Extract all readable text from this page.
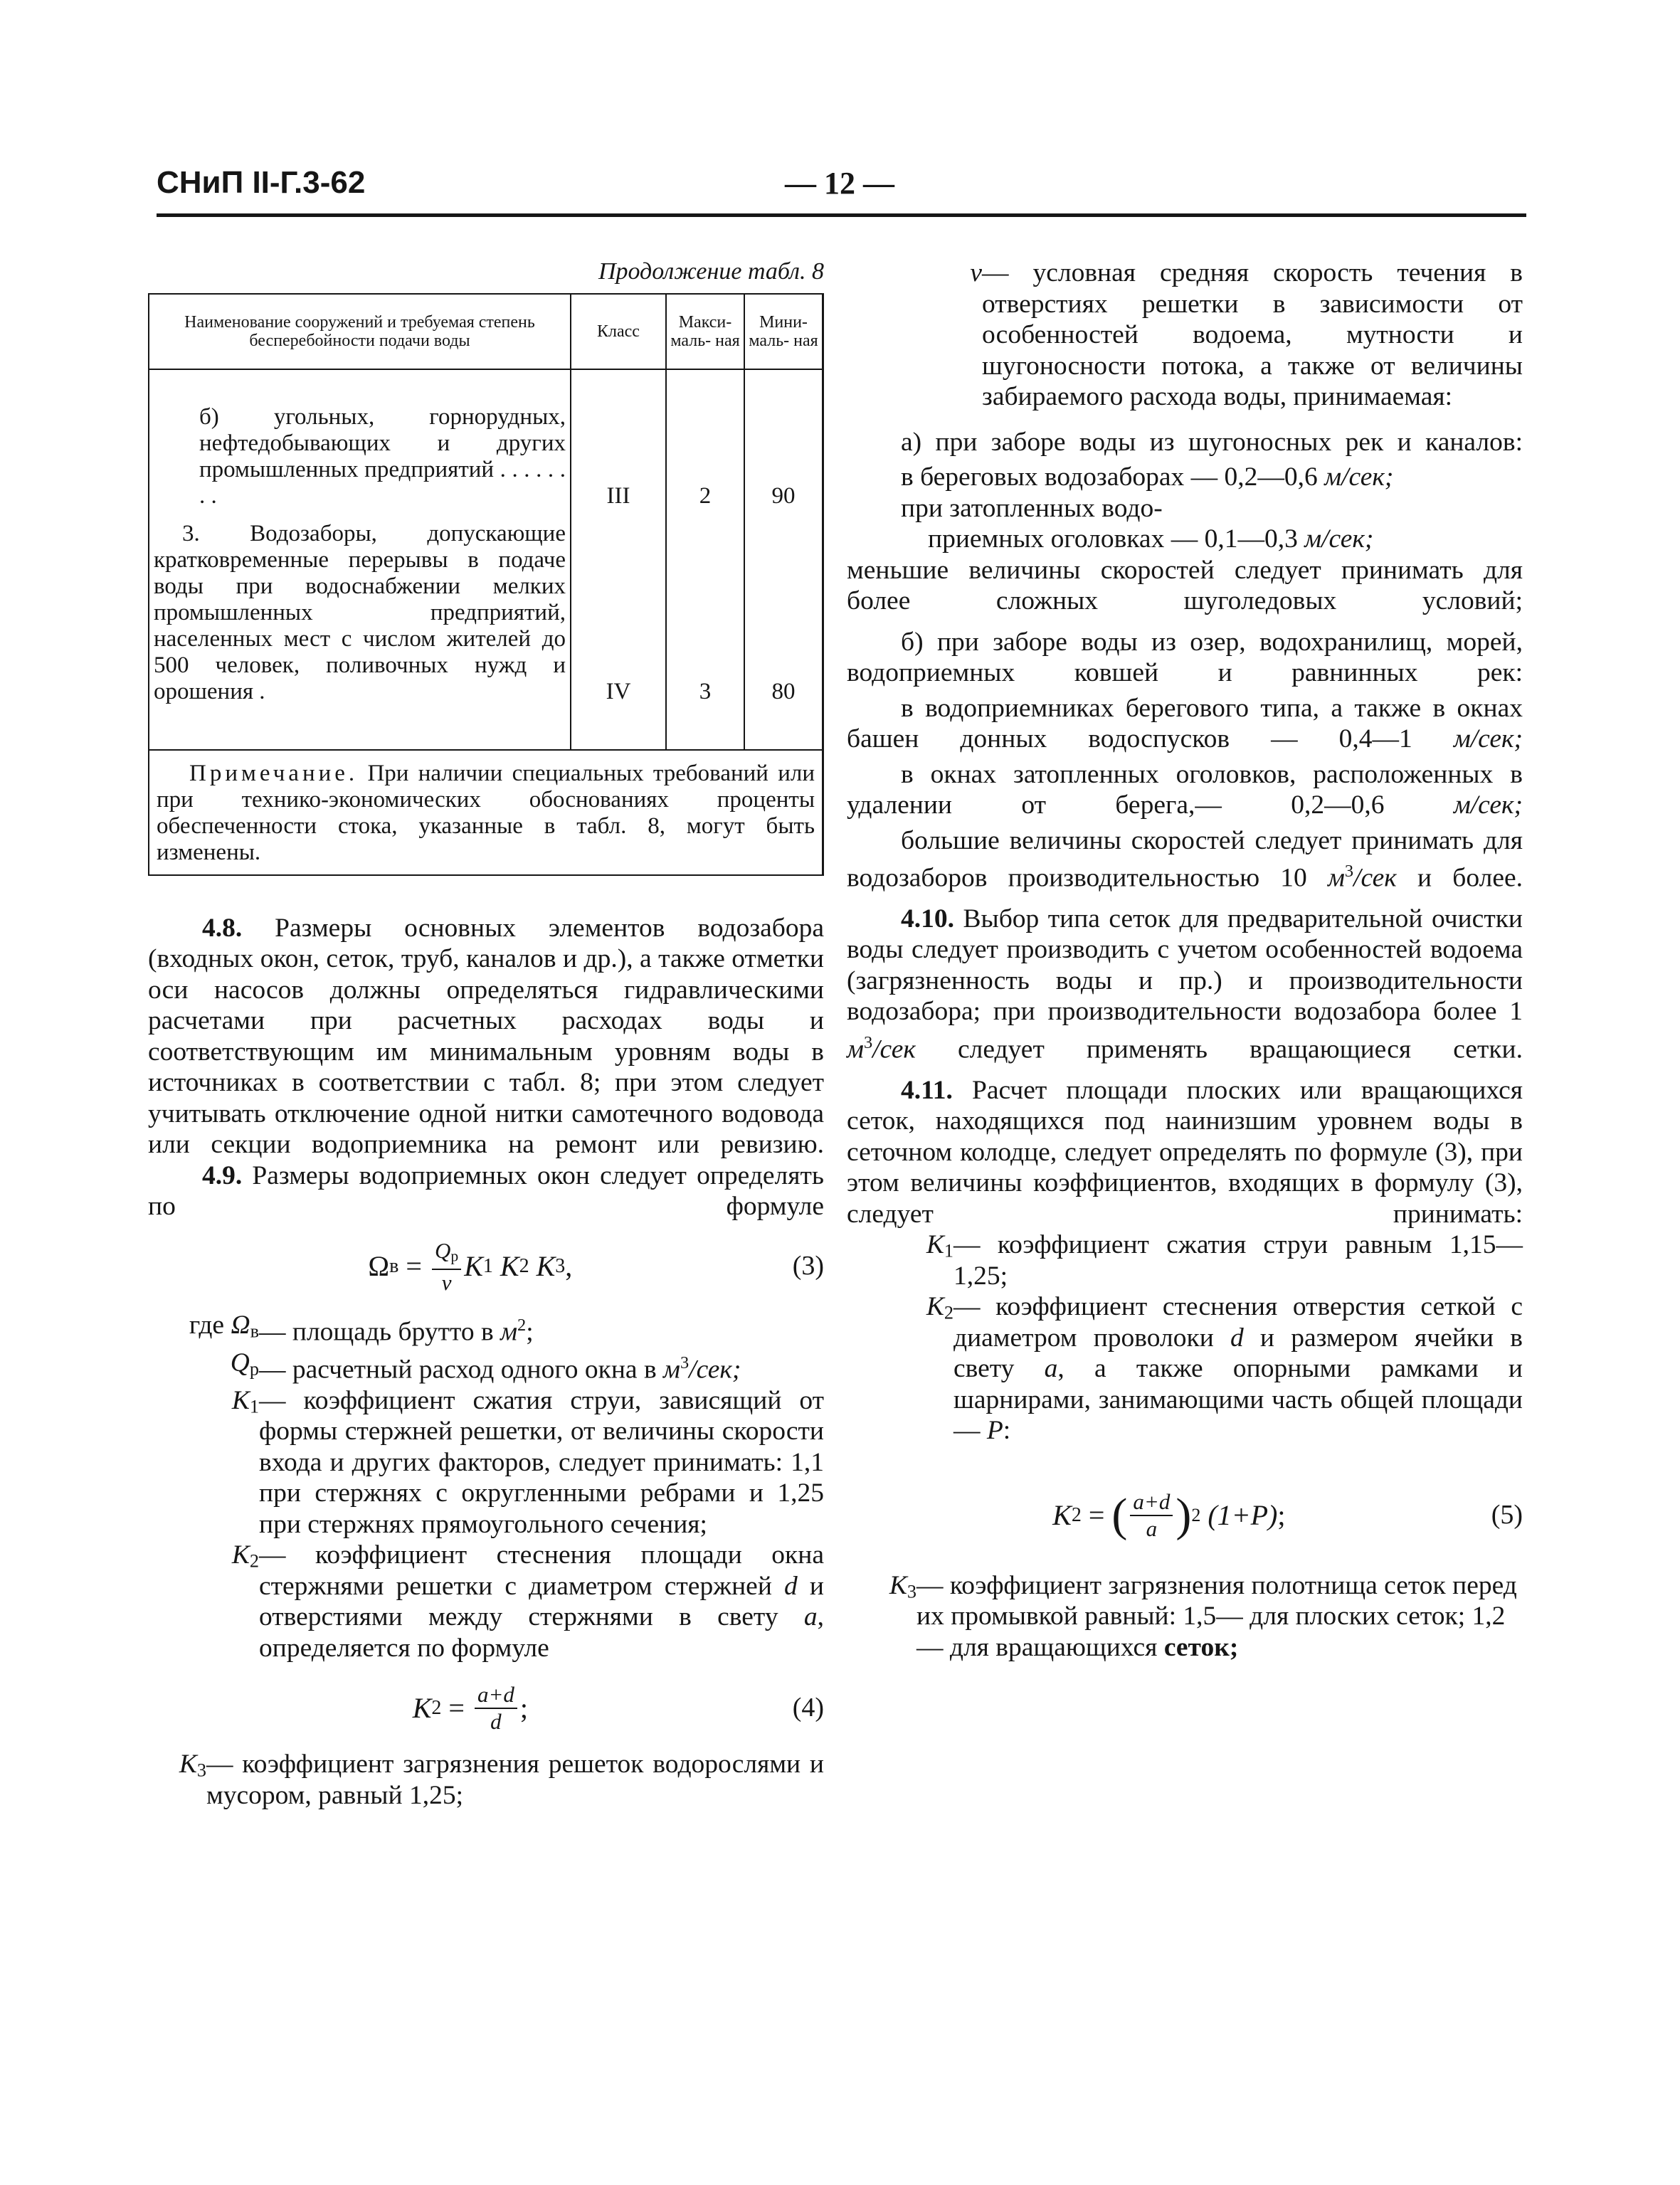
СНиП II-Г.3-62	— 12 —
Продолжение табл. 8
Наименование сооружений и требуемая степень бесперебойности подачи воды	Класс	Макси- маль- ная	Мини- маль- ная
б) угольных, горнорудных, нефтедобывающих и других промышленных предприятий . . . . . . . .	III	2	90

3. Водозаборы, допускающие кратковременные перерывы в подаче воды при водоснабжении мелких промышленных предприятий, населенных мест с числом жителей до 500 человек, поливочных нужд и орошения .	IV	3	80
Примечание. При наличии специальных требований или при технико-экономических обоснованиях проценты обеспеченности стока, указанные в табл. 8, могут быть изменены.			

4.8. Размеры основных элементов водозабора (входных окон, сеток, труб, каналов и др.), а также отметки оси насосов должны определяться гидравлическими расчетами при расчетных расходах воды и соответствующим им минимальным уровням воды в источниках в соответствии с табл. 8; при этом следует учитывать отключение одной нитки самотечного водовода или секции водоприемника на ремонт или ревизию.

4.9. Размеры водоприемных окон следует определять по формуле

Ω в
=
$\frac{Q_р}{v}$ K 1
K 2
K 3 ,	(3)
где $\Omega_в$ — площадь брутто в $м^2$;
$Q_р$ — расчетный расход одного окна в $м^3$/сек;
$K_1$ — коэффициент сжатия струи, зависящий от формы стержней решетки, от величины скорости входа и других факторов, следует принимать: 1,1 при стержнях с округленными ребрами и 1,25 при стержнях прямоугольного сечения;
$K_2$ — коэффициент стеснения площади окна стержнями решетки с диаметром стержней d и отверстиями между стержнями в свету a, определяется по формуле
K 2
=
$\frac{a+d}{d}$ ;	(4)
$K_3$ — коэффициент загрязнения решеток водорослями и мусором, равный 1,25;
v — условная средняя скорость течения в отверстиях решетки в зависимости от особенностей водоема, мутности и шугоносности потока, а также от величины забираемого расхода воды, принимаемая:

а) при заборе воды из шугоносных рек и каналов:

в береговых водозаборах — 0,2—0,6 м/сек;

при затопленных водо-

приемных оголовках — 0,1—0,3 м/сек;

меньшие величины скоростей следует принимать для более сложных шуголедовых условий;

б) при заборе воды из озер, водохранилищ, морей, водоприемных ковшей и равнинных рек:

в водоприемниках берегового типа, а также в окнах башен донных водоспусков — 0,4—1 м/сек;

в окнах затопленных оголовков, расположенных в удалении от берега,— 0,2—0,6 м/сек;

большие величины скоростей следует принимать для водозаборов производительностью 10 $м^3$/сек и более.

4.10. Выбор типа сеток для предварительной очистки воды следует производить с учетом особенностей водоема (загрязненность воды и пр.) и производительности водозабора; при производительности водозабора более 1 $м^3$/сек следует применять вращающиеся сетки.

4.11. Расчет площади плоских или вращающихся сеток, находящихся под наинизшим уровнем воды в сеточном колодце, следует определять по формуле (3), при этом величины коэффициентов, входящих в формулу (3), следует принимать:

$K_1$ — коэффициент сжатия струи равным 1,15—1,25;
$K_2$ — коэффициент стеснения отверстия сеткой с диаметром проволоки d и размером ячейки в свету a, а также опорными рамками и шарнирами, занимающими часть общей площади — P:
K 2
=
( $\frac{a+d}{a}$ ) 2
(1+P) ;	(5)
$K_3$ — коэффициент загрязнения полотнища сеток перед их промывкой равный: 1,5— для плоских сеток; 1,2 — для вращающихся сеток;
